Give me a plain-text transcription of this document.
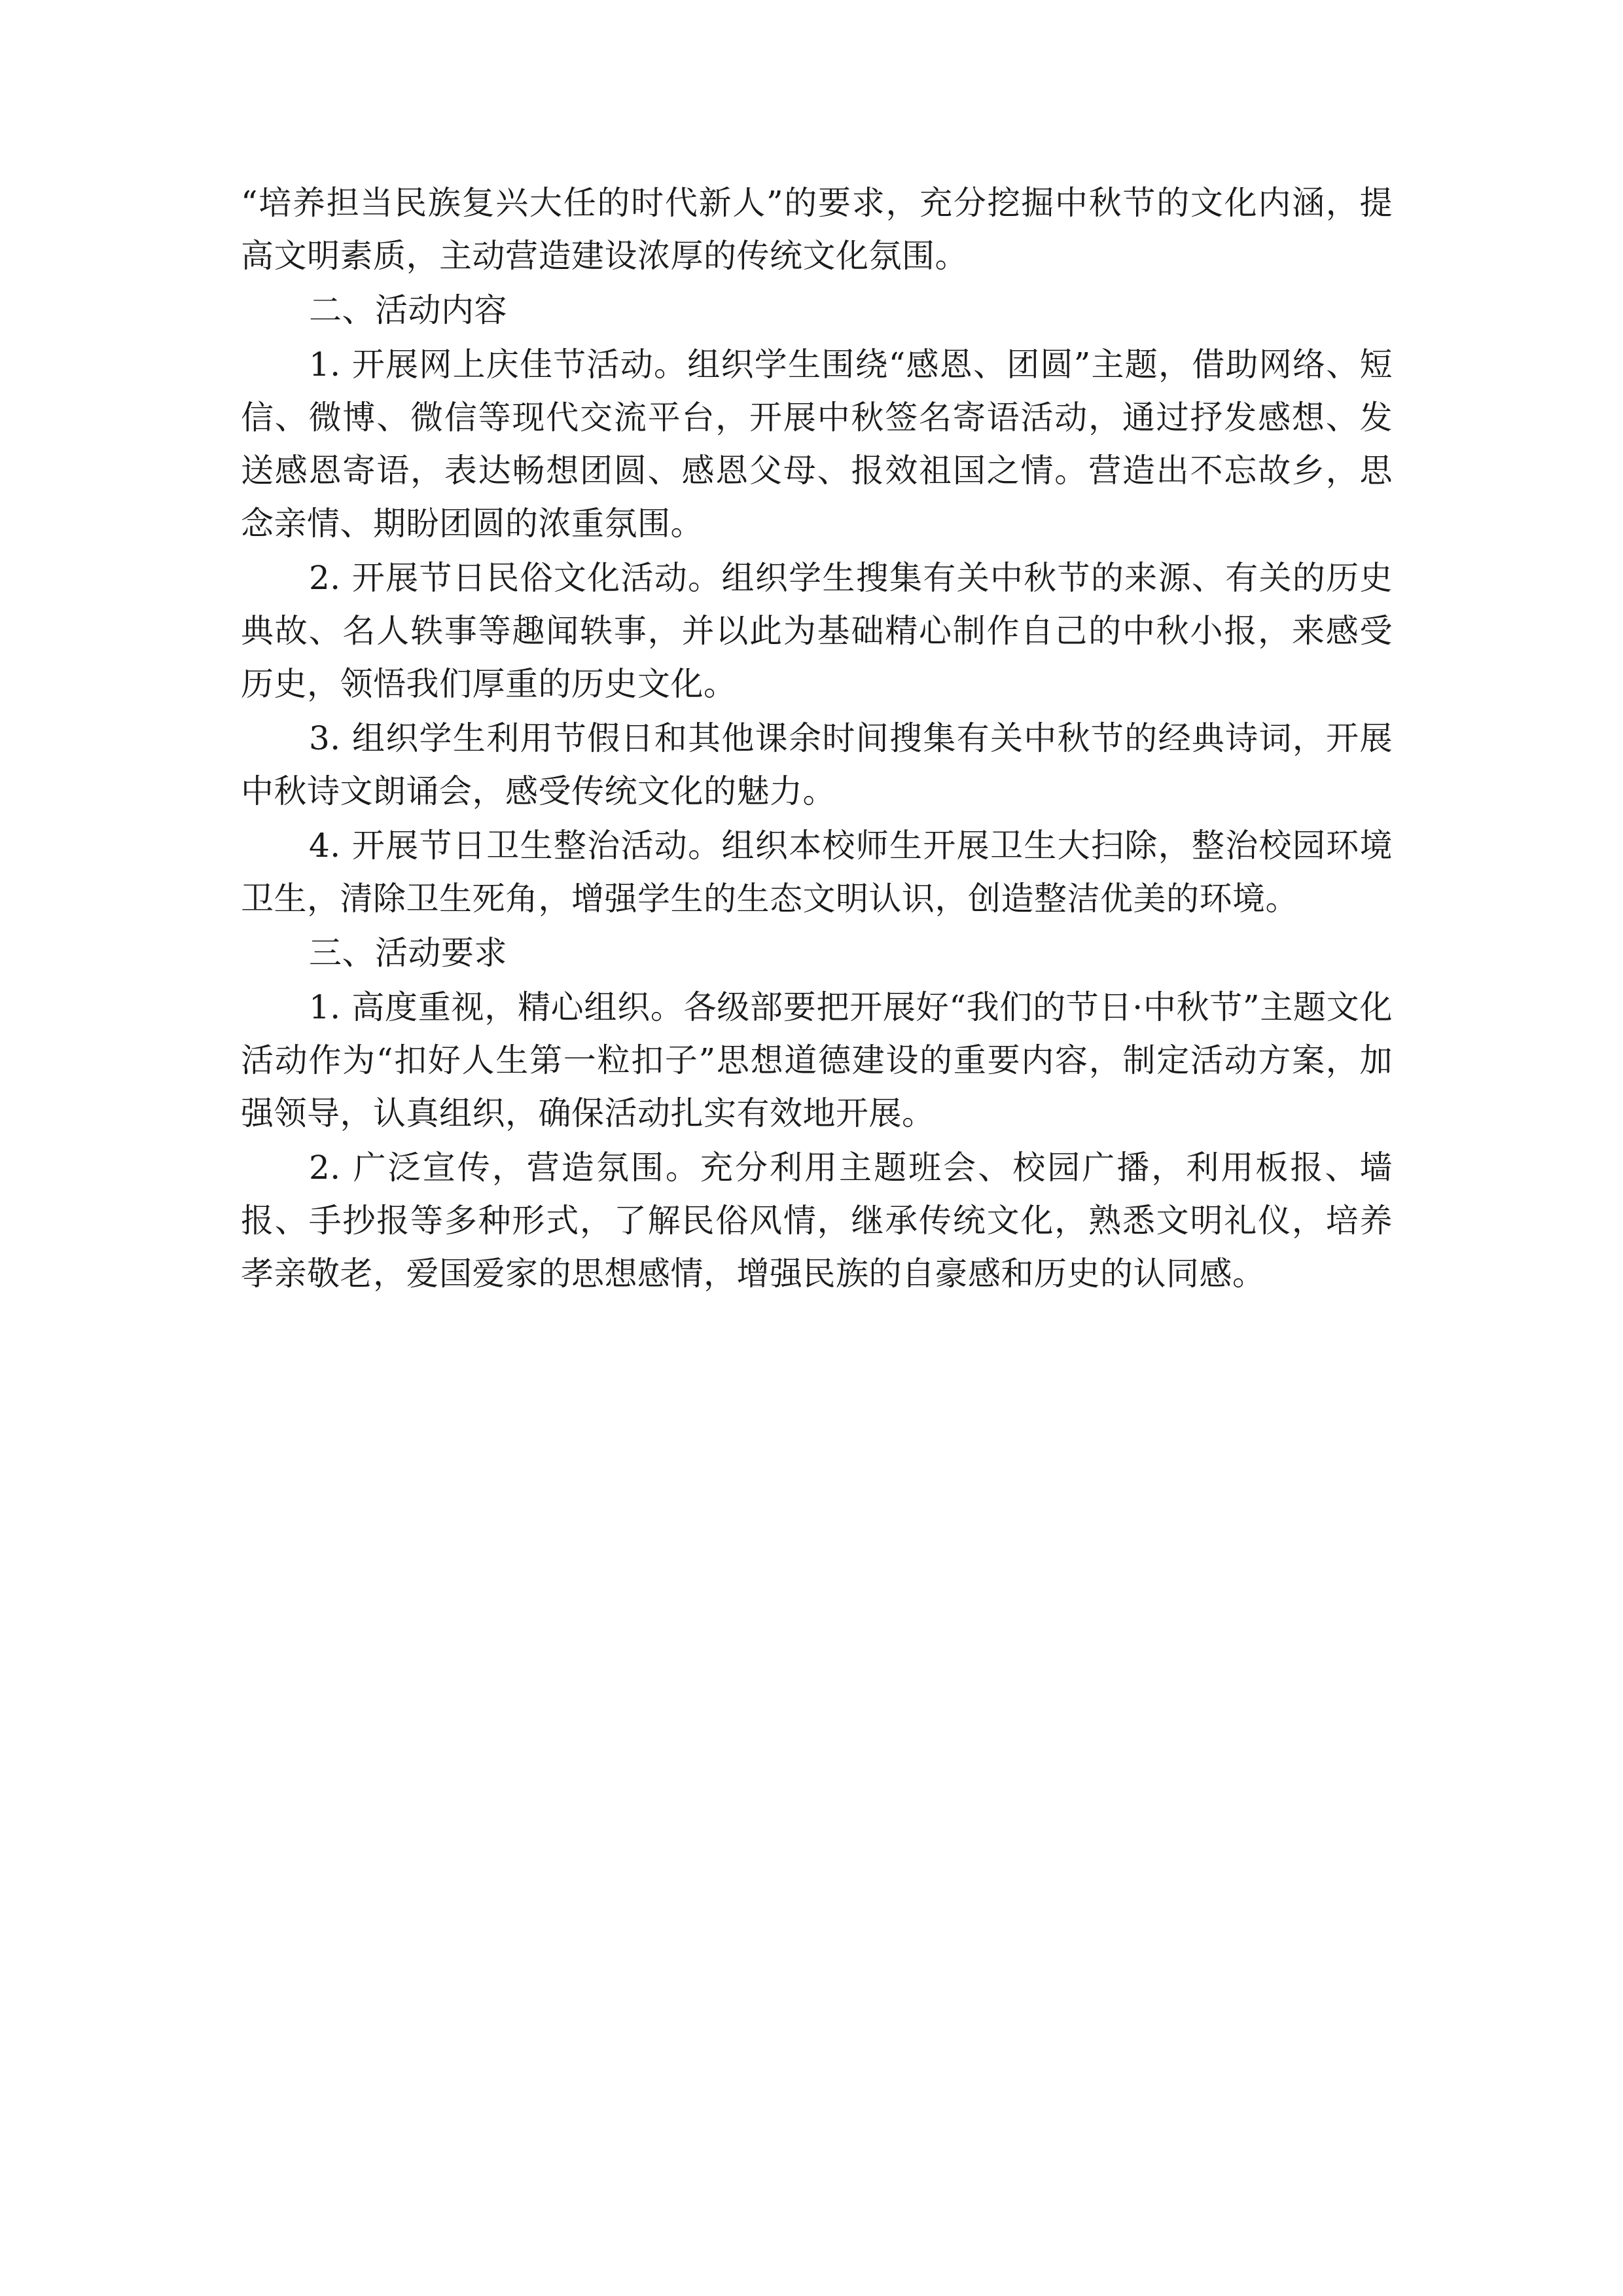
“培养担当民族复兴大任的时代新人”的要求，充分挖掘中秋节的文化内涵，提高文明素质，主动营造建设浓厚的传统文化氛围。

二、活动内容

1. 开展网上庆佳节活动。组织学生围绕“感恩、团圆”主题，借助网络、短信、微博、微信等现代交流平台，开展中秋签名寄语活动，通过抒发感想、发送感恩寄语，表达畅想团圆、感恩父母、报效祖国之情。营造出不忘故乡，思念亲情、期盼团圆的浓重氛围。

2. 开展节日民俗文化活动。组织学生搜集有关中秋节的来源、有关的历史典故、名人轶事等趣闻轶事，并以此为基础精心制作自己的中秋小报，来感受历史，领悟我们厚重的历史文化。

3. 组织学生利用节假日和其他课余时间搜集有关中秋节的经典诗词，开展中秋诗文朗诵会，感受传统文化的魅力。

4. 开展节日卫生整治活动。组织本校师生开展卫生大扫除，整治校园环境卫生，清除卫生死角，增强学生的生态文明认识，创造整洁优美的环境。

三、活动要求

1. 高度重视，精心组织。各级部要把开展好“我们的节日·中秋节”主题文化活动作为“扣好人生第一粒扣子”思想道德建设的重要内容，制定活动方案，加强领导，认真组织，确保活动扎实有效地开展。

2. 广泛宣传，营造氛围。充分利用主题班会、校园广播，利用板报、墙报、手抄报等多种形式，了解民俗风情，继承传统文化，熟悉文明礼仪，培养孝亲敬老，爱国爱家的思想感情，增强民族的自豪感和历史的认同感。
